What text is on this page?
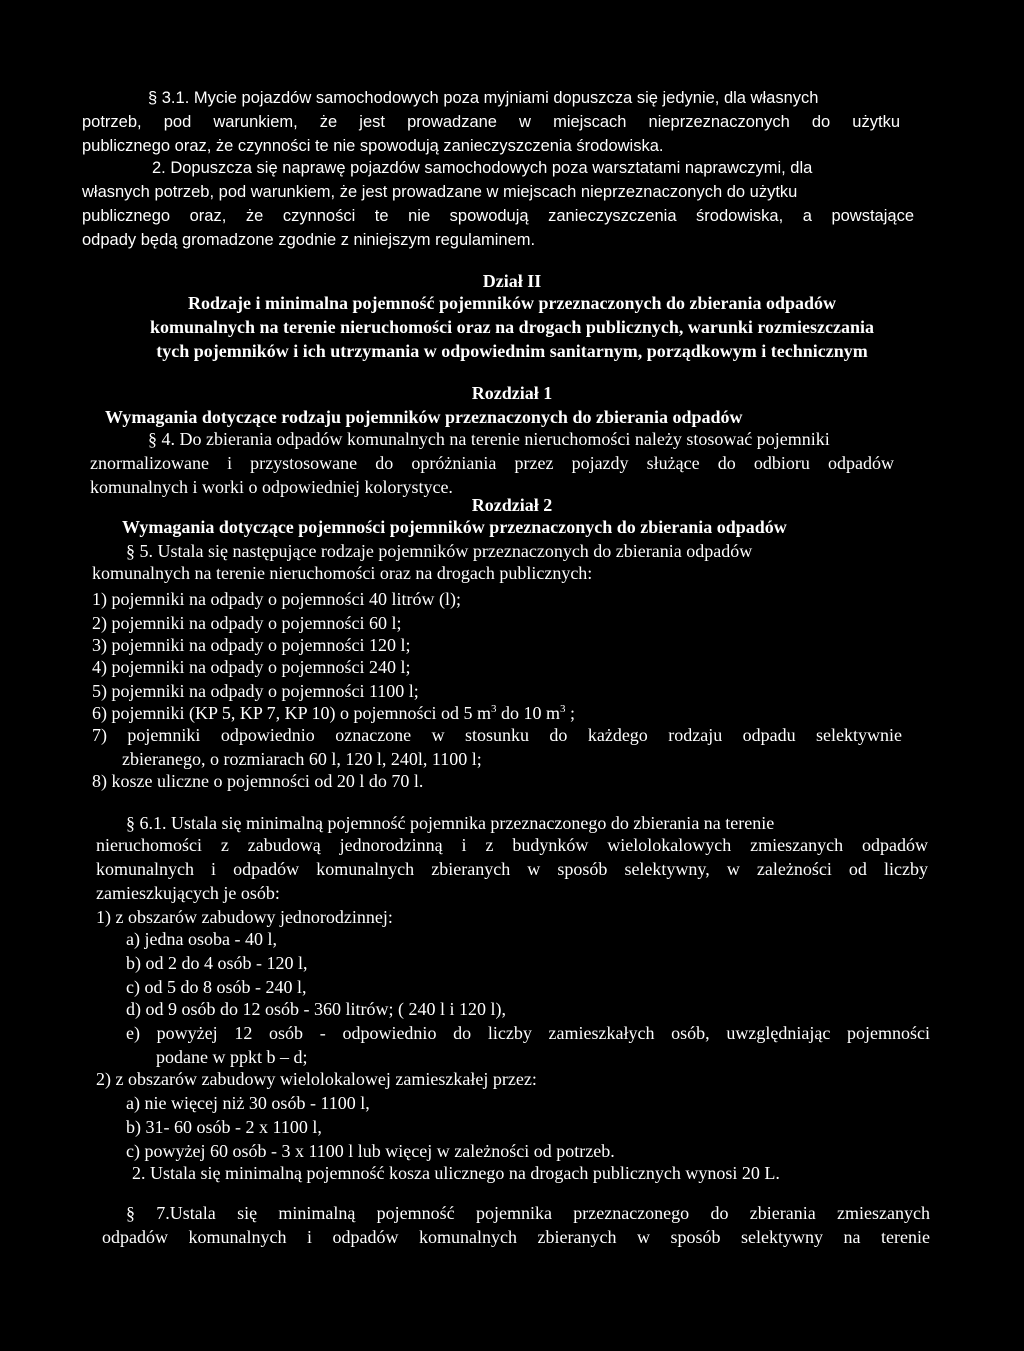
§ 3.1. Mycie pojazdów samochodowych poza myjniami dopuszcza się jedynie, dla własnych
potrzeb, pod warunkiem, że jest prowadzane w miejscach nieprzeznaczonych do użytku
publicznego oraz, że czynności te nie spowodują zanieczyszczenia środowiska.
2. Dopuszcza się naprawę pojazdów samochodowych poza warsztatami naprawczymi, dla
własnych potrzeb, pod warunkiem, że jest prowadzane w miejscach nieprzeznaczonych do użytku
publicznego oraz, że czynności te nie spowodują zanieczyszczenia środowiska, a powstające
odpady będą gromadzone zgodnie z niniejszym regulaminem.
Dział II
Rodzaje i minimalna pojemność pojemników przeznaczonych do zbierania odpadów
komunalnych na terenie nieruchomości oraz na drogach publicznych, warunki rozmieszczania
tych pojemników i ich utrzymania w odpowiednim sanitarnym, porządkowym i technicznym
Rozdział 1
Wymagania dotyczące rodzaju pojemników przeznaczonych do zbierania odpadów
§ 4. Do zbierania odpadów komunalnych na terenie nieruchomości należy stosować pojemniki
znormalizowane i przystosowane do opróżniania przez pojazdy służące do odbioru odpadów
komunalnych i worki o odpowiedniej kolorystyce.
Rozdział 2
Wymagania dotyczące pojemności pojemników przeznaczonych do zbierania odpadów
§ 5. Ustala się następujące rodzaje pojemników przeznaczonych do zbierania odpadów
komunalnych na terenie nieruchomości oraz na drogach publicznych:
1) pojemniki na odpady o pojemności 40 litrów (l);
2) pojemniki na odpady o pojemności 60 l;
3) pojemniki na odpady o pojemności 120 l;
4) pojemniki na odpady o pojemności 240 l;
5) pojemniki na odpady o pojemności 1100 l;
6) pojemniki (KP 5, KP 7, KP 10) o pojemności od 5 $m^3$ do 10 $m^3$ ;
7) pojemniki odpowiednio oznaczone w stosunku do każdego rodzaju odpadu selektywnie
zbieranego, o rozmiarach 60 l, 120 l, 240l, 1100 l;
8) kosze uliczne o pojemności od 20 l do 70 l.
§ 6.1. Ustala się minimalną pojemność pojemnika przeznaczonego do zbierania na terenie
nieruchomości z zabudową jednorodzinną i z budynków wielolokalowych zmieszanych odpadów
komunalnych i odpadów komunalnych zbieranych w sposób selektywny, w zależności od liczby
zamieszkujących je osób:
1) z obszarów zabudowy jednorodzinnej:
a) jedna osoba - 40 l,
b) od 2 do 4 osób - 120 l,
c) od 5 do 8 osób - 240 l,
d) od 9 osób do 12 osób - 360 litrów; ( 240 l i 120 l),
e) powyżej 12 osób - odpowiednio do liczby zamieszkałych osób, uwzględniając pojemności
podane w ppkt b – d;
2) z obszarów zabudowy wielolokalowej zamieszkałej przez:
a) nie więcej niż 30 osób - 1100 l,
b) 31- 60 osób - 2 x 1100 l,
c) powyżej 60 osób - 3 x 1100 l lub więcej w zależności od potrzeb.
2. Ustala się minimalną pojemność kosza ulicznego na drogach publicznych wynosi 20 L.
§ 7.Ustala się minimalną pojemność pojemnika przeznaczonego do zbierania zmieszanych
odpadów komunalnych i odpadów komunalnych zbieranych w sposób selektywny na terenie
